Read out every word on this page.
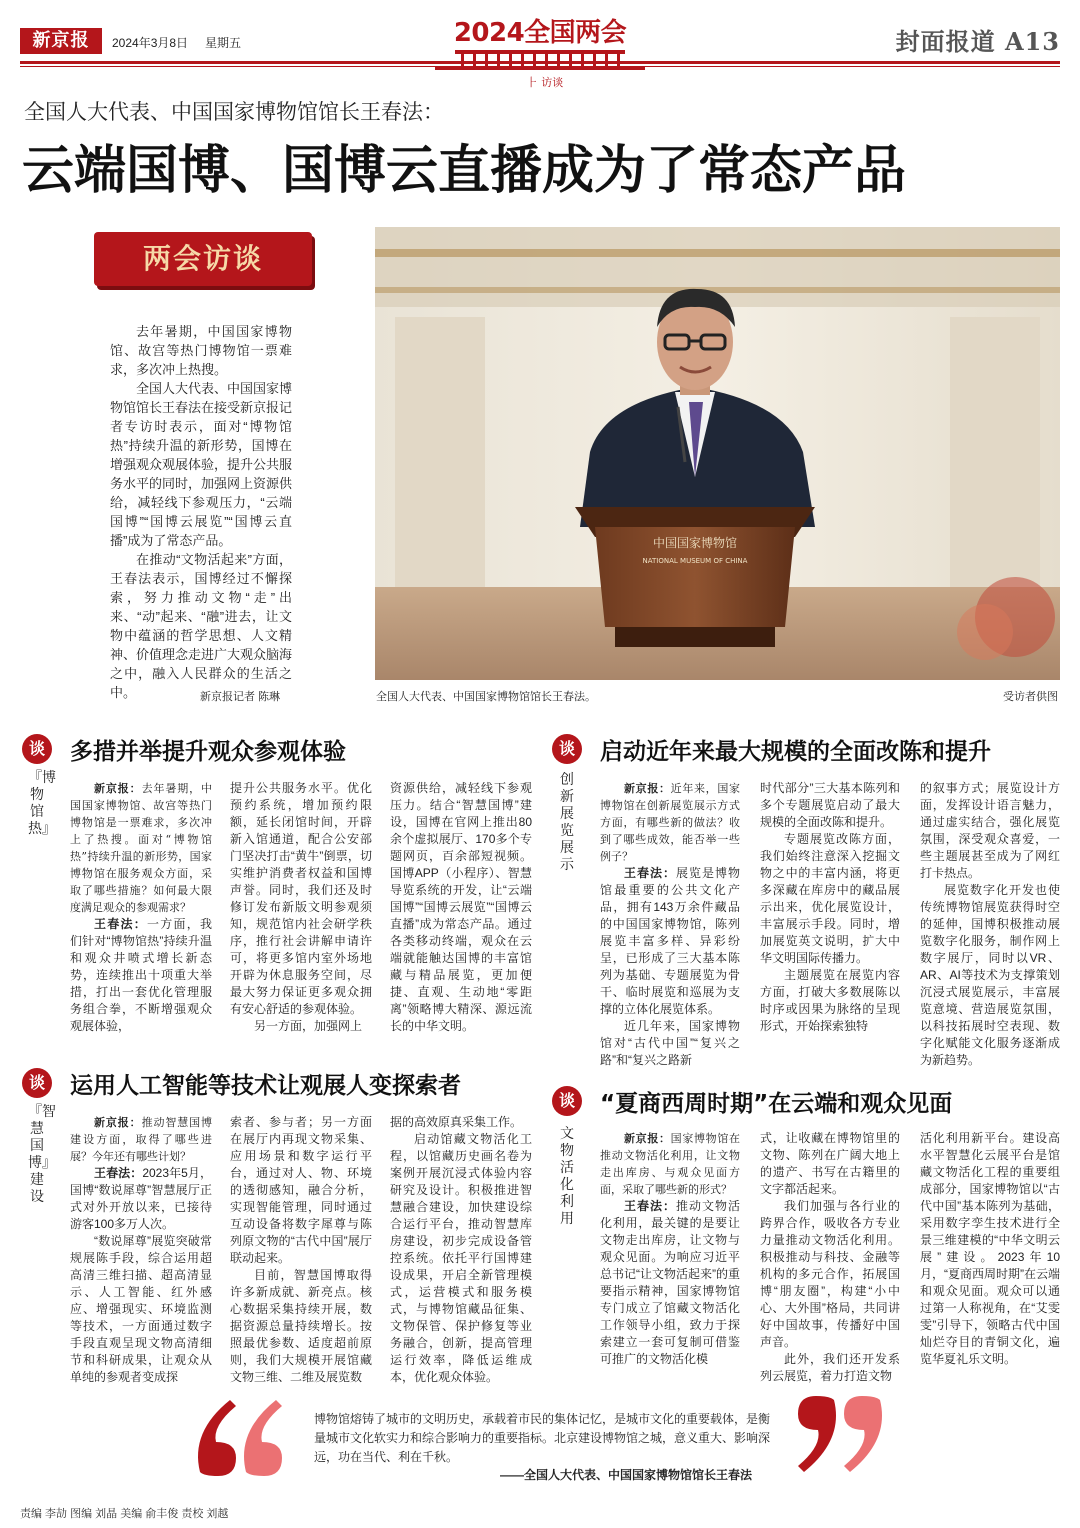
新京报	2024年3月8日 星期五	2024全国两会
⺊ 访谈
封面报道 A13
全国人大代表、中国国家博物馆馆长王春法：
云端国博、国博云直播成为了常态产品
两会访谈

去年暑期，中国国家博物馆、故宫等热门博物馆一票难求，多次冲上热搜。

全国人大代表、中国国家博物馆馆长王春法在接受新京报记者专访时表示，面对“博物馆热”持续升温的新形势，国博在增强观众观展体验，提升公共服务水平的同时，加强网上资源供给，减轻线下参观压力，“云端国博”“国博云展览”“国博云直播”成为了常态产品。

在推动“文物活起来”方面，王春法表示，国博经过不懈探索，努力推动文物“走”出来、“动”起来、“融”进去，让文物中蕴涵的哲学思想、人文精神、价值理念走进广大观众脑海之中，融入人民群众的生活之中。	新京报记者 陈琳
中国国家博物馆
NATIONAL MUSEUM OF CHINA
全国人大代表、中国国家博物馆馆长王春法。	受访者供图
谈	多措并举提升观众参观体验
『博物馆热』

新京报：去年暑期，中国国家博物馆、故宫等热门博物馆是一票难求，多次冲上了热搜。面对“博物馆热”持续升温的新形势，国家博物馆在服务观众方面，采取了哪些措施？如何最大限度满足观众的参观需求？

王春法：一方面，我们针对“博物馆热”持续升温和观众井喷式增长新态势，连续推出十项重大举措，打出一套优化管理服务组合拳，不断增强观众观展体验，

提升公共服务水平。优化预约系统，增加预约限额，延长闭馆时间，开辟新入馆通道，配合公安部门坚决打击“黄牛”倒票，切实维护消费者权益和国博声誉。同时，我们还及时修订发布新版文明参观须知，规范馆内社会研学秩序，推行社会讲解申请许可，将更多馆内室外场地开辟为休息服务空间，尽最大努力保证更多观众拥有安心舒适的参观体验。

另一方面，加强网上

资源供给，减轻线下参观压力。结合“智慧国博”建设，国博在官网上推出80余个虚拟展厅、170多个专题网页，百余部短视频。国博APP（小程序）、智慧导览系统的开发，让“云端国博”“国博云展览”“国博云直播”成为常态产品。通过各类移动终端，观众在云端就能触达国博的丰富馆藏与精品展览，更加便捷、直观、生动地“零距离”领略博大精深、源远流长的中华文明。

谈	启动近年来最大规模的全面改陈和提升
创新展览展示

新京报：近年来，国家博物馆在创新展览展示方式方面，有哪些新的做法？收到了哪些成效，能否举一些例子？

王春法：展览是博物馆最重要的公共文化产品，拥有143万余件藏品的中国国家博物馆，陈列展览丰富多样、异彩纷呈，已形成了三大基本陈列为基础、专题展览为骨干、临时展览和巡展为支撑的立体化展览体系。

近几年来，国家博物馆对“古代中国”“复兴之路”和“复兴之路新

时代部分”三大基本陈列和多个专题展览启动了最大规模的全面改陈和提升。

专题展览改陈方面，我们始终注意深入挖掘文物之中的丰富内涵，将更多深藏在库房中的藏品展示出来，优化展览设计，丰富展示手段。同时，增加展览英文说明，扩大中华文明国际传播力。

主题展览在展览内容方面，打破大多数展陈以时序或因果为脉络的呈现形式，开始探索独特

的叙事方式；展览设计方面，发挥设计语言魅力，通过虚实结合，强化展览氛围，深受观众喜爱，一些主题展甚至成为了网红打卡热点。

展览数字化开发也使传统博物馆展览获得时空的延伸，国博积极推动展览数字化服务，制作网上数字展厅，同时以VR、AR、AI等技术为支撑策划沉浸式展览展示，丰富展览意境、营造展览氛围，以科技拓展时空表现、数字化赋能文化服务逐渐成为新趋势。

谈	运用人工智能等技术让观展人变探索者
『智慧国博』建设

新京报：推动智慧国博建设方面，取得了哪些进展？今年还有哪些计划？

王春法：2023年5月，国博“数说犀尊”智慧展厅正式对外开放以来，已接待游客100多万人次。

“数说犀尊”展览突破常规展陈手段，综合运用超高清三维扫描、超高清显示、人工智能、红外感应、增强现实、环境监测等技术，一方面通过数字手段直观呈现文物高清细节和科研成果，让观众从单纯的参观者变成探

索者、参与者；另一方面在展厅内再现文物采集、应用场景和数字运行平台，通过对人、物、环境的透彻感知，融合分析，实现智能管理，同时通过互动设备将数字犀尊与陈列原文物的“古代中国”展厅联动起来。

目前，智慧国博取得许多新成就、新亮点。核心数据采集持续开展，数据资源总量持续增长。按照最优参数、适度超前原则，我们大规模开展馆藏文物三维、二维及展览数

据的高效原真采集工作。

启动馆藏文物活化工程，以馆藏历史画名卷为案例开展沉浸式体验内容研究及设计。积极推进智慧融合建设，加快建设综合运行平台，推动智慧库房建设，初步完成设备管控系统。依托平行国博建设成果，开启全新管理模式，运营模式和服务模式，与博物馆藏品征集、文物保管、保护修复等业务融合，创新，提高管理运行效率，降低运维成本，优化观众体验。

谈	“夏商西周时期”在云端和观众见面
文物活化利用

新京报：国家博物馆在推动文物活化利用，让文物走出库房、与观众见面方面，采取了哪些新的形式？

王春法：推动文物活化利用，最关键的是要让文物走出库房，让文物与观众见面。为响应习近平总书记“让文物活起来”的重要指示精神，国家博物馆专门成立了馆藏文物活化工作领导小组，致力于探索建立一套可复制可借鉴可推广的文物活化模

式，让收藏在博物馆里的文物、陈列在广阔大地上的遗产、书写在古籍里的文字都活起来。

我们加强与各行业的跨界合作，吸收各方专业力量推动文物活化利用。积极推动与科技、金融等机构的多元合作，拓展国博“朋友圈”，构建“小中心、大外围”格局，共同讲好中国故事，传播好中国声音。

此外，我们还开发系列云展览，着力打造文物

活化利用新平台。建设高水平智慧化云展平台是馆藏文物活化工程的重要组成部分，国家博物馆以“古代中国”基本陈列为基础，采用数字孪生技术进行全景三维建模的“中华文明云展”建设。2023年10月，“夏商西周时期”在云端和观众见面。观众可以通过第一人称视角，在“艾雯雯”引导下，领略古代中国灿烂夺目的青铜文化，遍览华夏礼乐文明。

博物馆熔铸了城市的文明历史，承载着市民的集体记忆，是城市文化的重要载体，是衡量城市文化软实力和综合影响力的重要指标。北京建设博物馆之城，意义重大、影响深远，功在当代、利在千秋。
——全国人大代表、中国国家博物馆馆长王春法
责编 李劼 图编 刘晶 美编 俞丰俊 责校 刘越
